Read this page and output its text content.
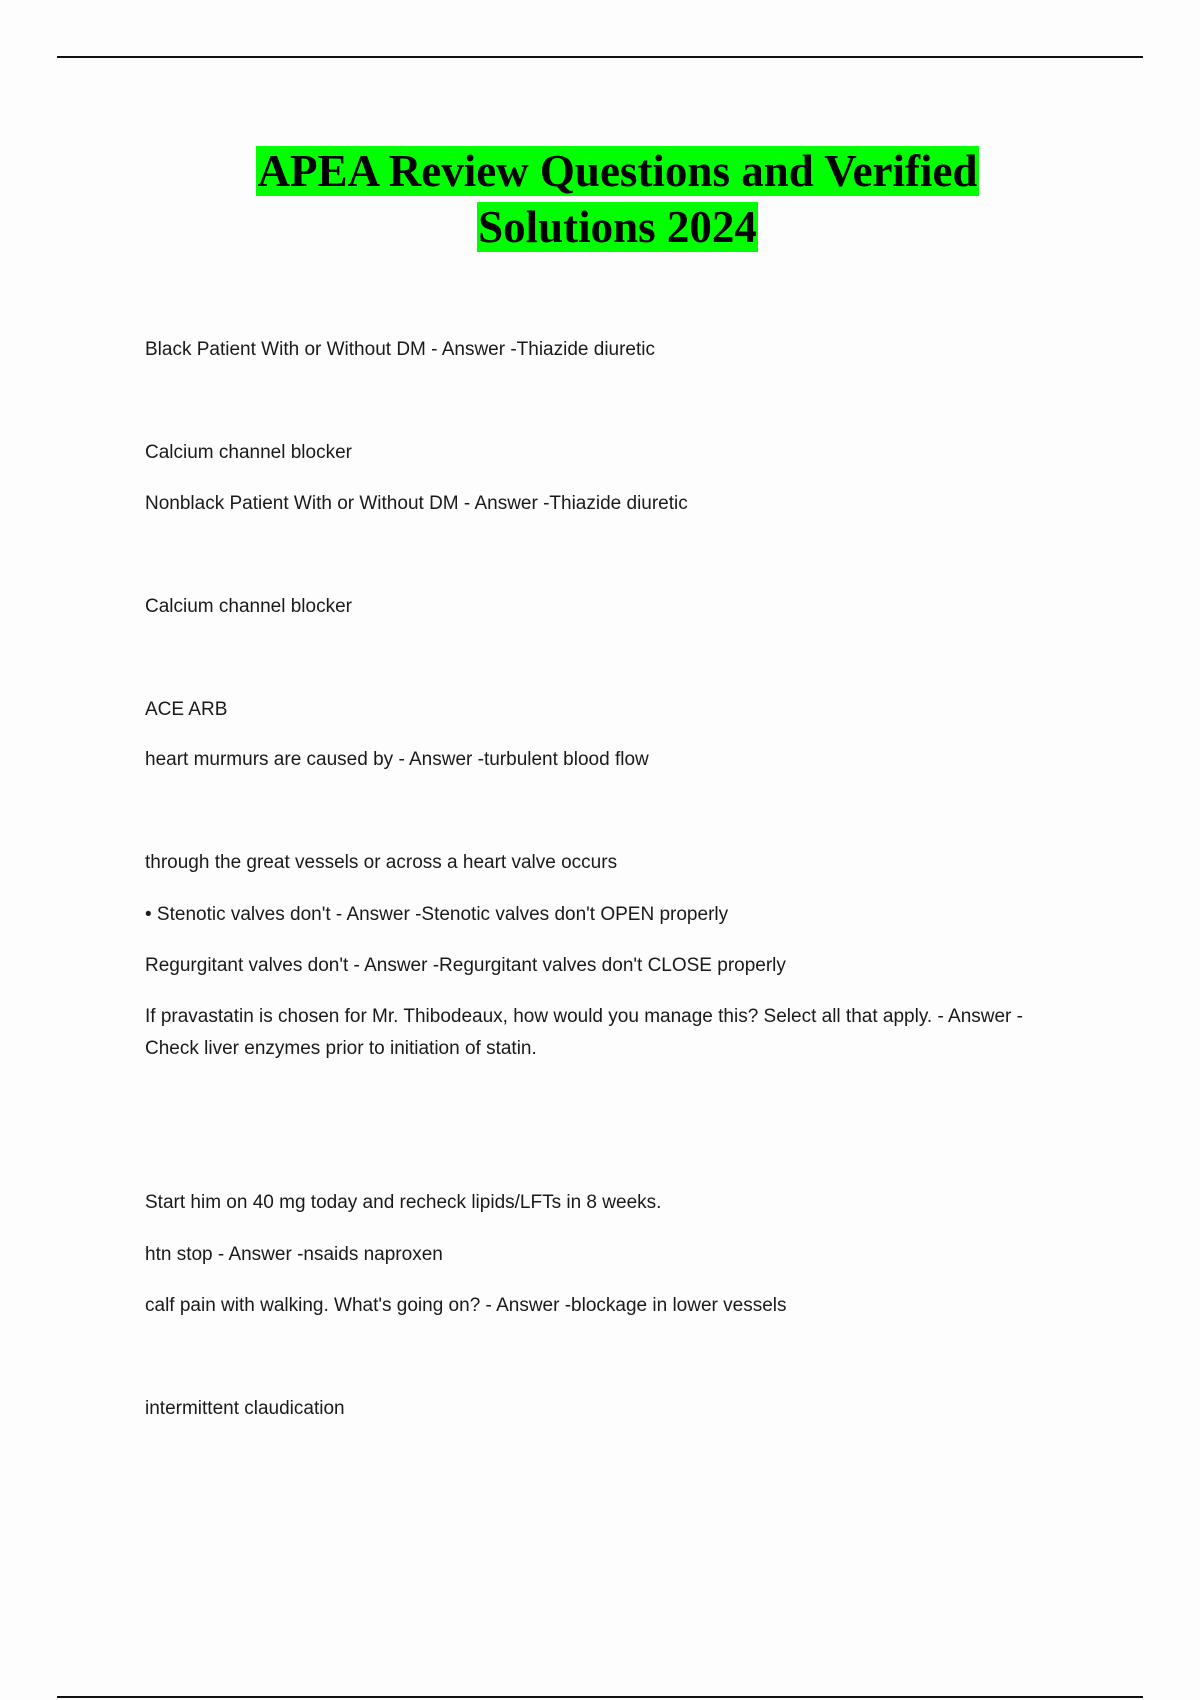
APEA Review Questions and Verified
Solutions 2024
Black Patient With or Without DM - Answer -Thiazide diuretic
Calcium channel blocker
Nonblack Patient With or Without DM - Answer -Thiazide diuretic
Calcium channel blocker
ACE ARB
heart murmurs are caused by - Answer -turbulent blood flow
through the great vessels or across a heart valve occurs
• Stenotic valves don't - Answer -Stenotic valves don't OPEN properly
Regurgitant valves don't - Answer -Regurgitant valves don't CLOSE properly
If pravastatin is chosen for Mr. Thibodeaux, how would you manage this? Select all that apply. - Answer -
Check liver enzymes prior to initiation of statin.
Start him on 40 mg today and recheck lipids/LFTs in 8 weeks.
htn stop - Answer -nsaids naproxen
calf pain with walking. What's going on? - Answer -blockage in lower vessels
intermittent claudication
